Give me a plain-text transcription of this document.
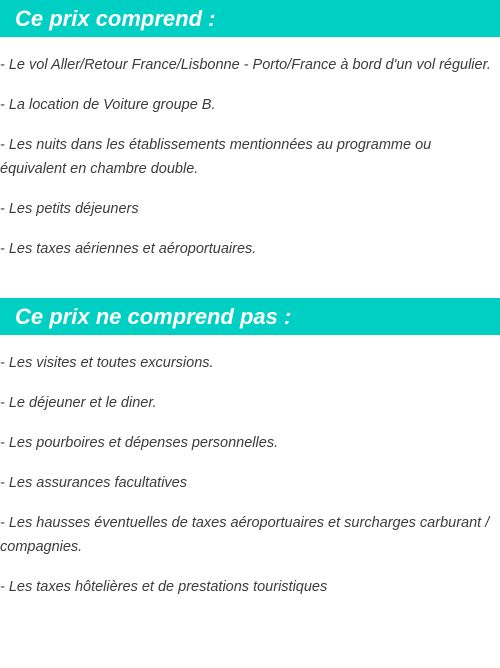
Ce prix comprend :
- Le vol Aller/Retour France/Lisbonne - Porto/France à bord d'un vol régulier.
- La location de Voiture groupe B.
- Les nuits dans les établissements mentionnées au programme ou équivalent en chambre double.
- Les petits déjeuners
- Les taxes aériennes et aéroportuaires.
Ce prix ne comprend pas :
- Les visites et toutes excursions.
- Le déjeuner et le diner.
- Les pourboires et dépenses personnelles.
- Les assurances facultatives
- Les hausses éventuelles de taxes aéroportuaires et surcharges carburant / compagnies.
- Les taxes hôtelières et de prestations touristiques
